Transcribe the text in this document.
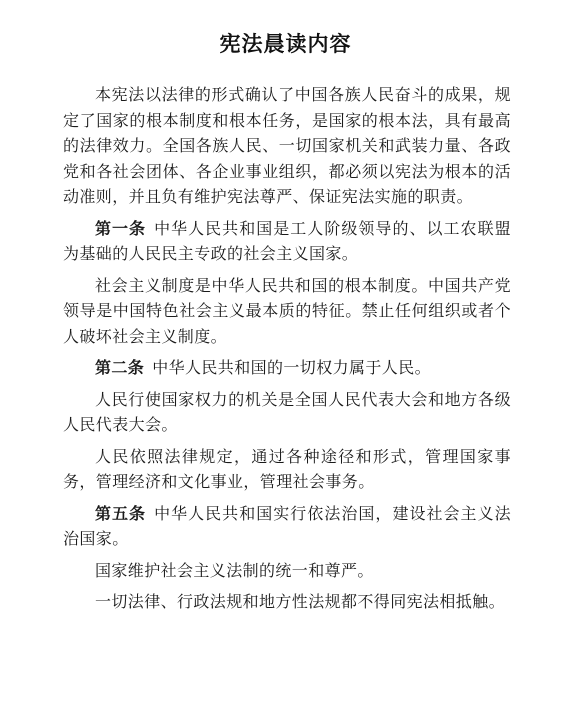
宪法晨读内容

本宪法以法律的形式确认了中国各族人民奋斗的成果，规定了国家的根本制度和根本任务，是国家的根本法，具有最高的法律效力。全国各族人民、一切国家机关和武装力量、各政党和各社会团体、各企业事业组织，都必须以宪法为根本的活动准则，并且负有维护宪法尊严、保证宪法实施的职责。

第一条 中华人民共和国是工人阶级领导的、以工农联盟为基础的人民民主专政的社会主义国家。

社会主义制度是中华人民共和国的根本制度。中国共产党领导是中国特色社会主义最本质的特征。禁止任何组织或者个人破坏社会主义制度。

第二条 中华人民共和国的一切权力属于人民。

人民行使国家权力的机关是全国人民代表大会和地方各级人民代表大会。

人民依照法律规定，通过各种途径和形式，管理国家事务，管理经济和文化事业，管理社会事务。

第五条 中华人民共和国实行依法治国，建设社会主义法治国家。

国家维护社会主义法制的统一和尊严。

一切法律、行政法规和地方性法规都不得同宪法相抵触。
